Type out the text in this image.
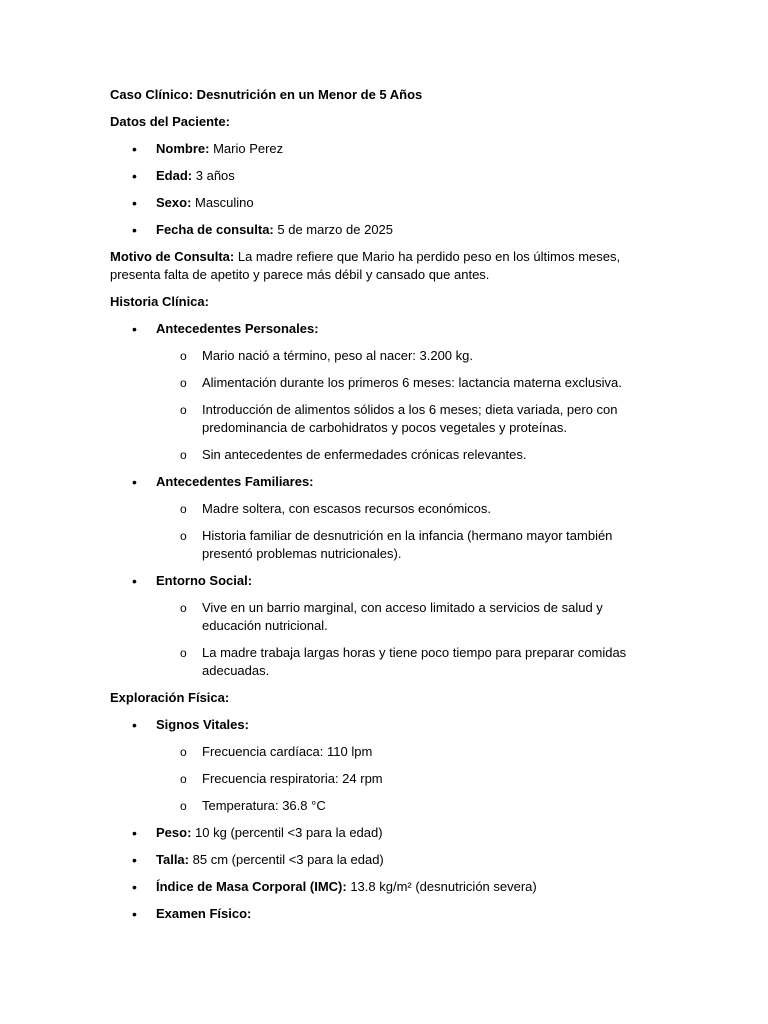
Caso Clínico: Desnutrición en un Menor de 5 Años

Datos del Paciente:

• Nombre: Mario Perez
• Edad: 3 años
• Sexo: Masculino
• Fecha de consulta: 5 de marzo de 2025

Motivo de Consulta: La madre refiere que Mario ha perdido peso en los últimos meses, presenta falta de apetito y parece más débil y cansado que antes.

Historia Clínica:

• Antecedentes Personales:
o Mario nació a término, peso al nacer: 3.200 kg.
o Alimentación durante los primeros 6 meses: lactancia materna exclusiva.
o Introducción de alimentos sólidos a los 6 meses; dieta variada, pero con predominancia de carbohidratos y pocos vegetales y proteínas.
o Sin antecedentes de enfermedades crónicas relevantes.
• Antecedentes Familiares:
o Madre soltera, con escasos recursos económicos.
o Historia familiar de desnutrición en la infancia (hermano mayor también presentó problemas nutricionales).
• Entorno Social:
o Vive en un barrio marginal, con acceso limitado a servicios de salud y educación nutricional.
o La madre trabaja largas horas y tiene poco tiempo para preparar comidas adecuadas.

Exploración Física:

• Signos Vitales:
o Frecuencia cardíaca: 110 lpm
o Frecuencia respiratoria: 24 rpm
o Temperatura: 36.8 °C
• Peso: 10 kg (percentil <3 para la edad)
• Talla: 85 cm (percentil <3 para la edad)
• Índice de Masa Corporal (IMC): 13.8 kg/m² (desnutrición severa)
• Examen Físico:
